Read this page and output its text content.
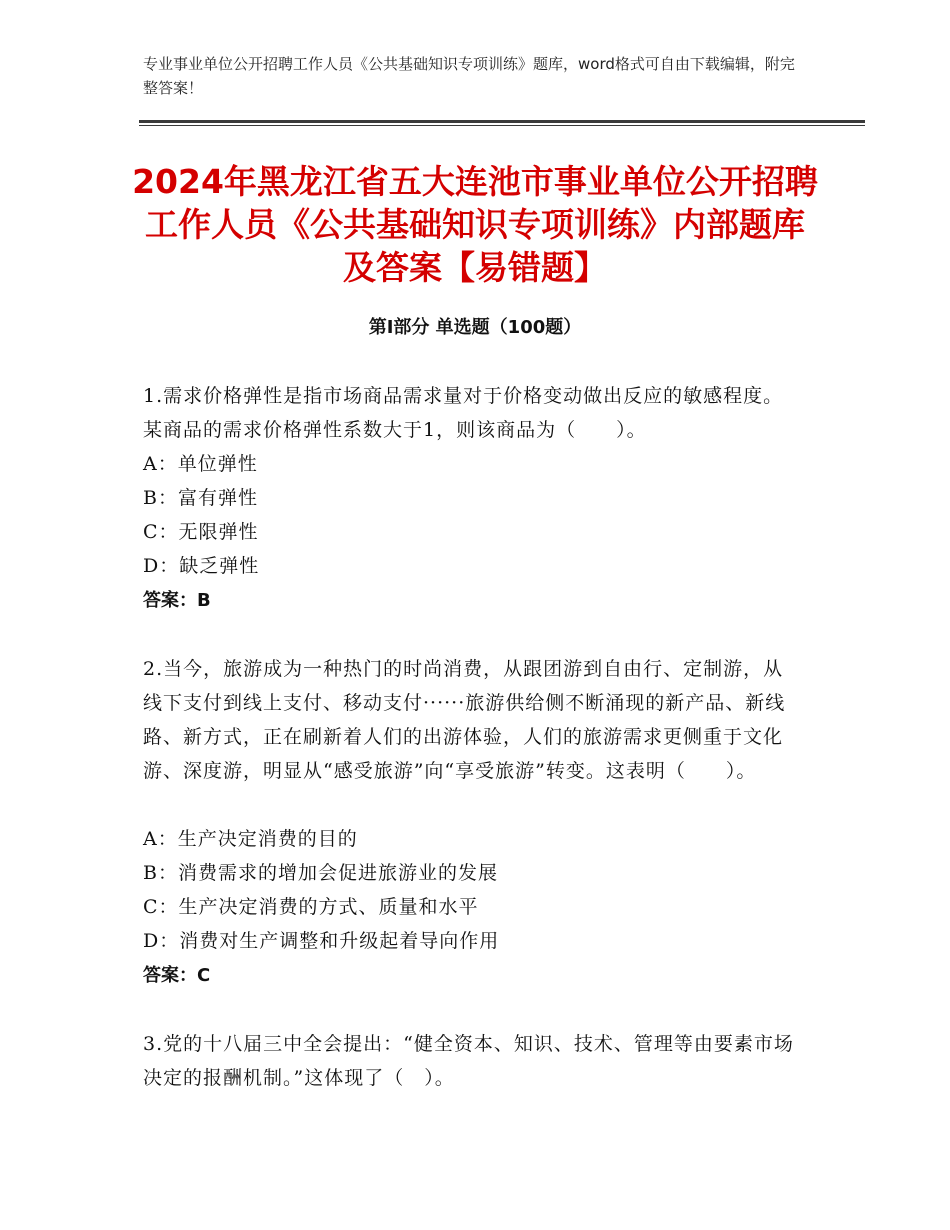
专业事业单位公开招聘工作人员《公共基础知识专项训练》题库，word格式可自由下载编辑，附完整答案！
2024年黑龙江省五大连池市事业单位公开招聘工作人员《公共基础知识专项训练》内部题库及答案【易错题】
第Ⅰ部分 单选题（100题）
1.需求价格弹性是指市场商品需求量对于价格变动做出反应的敏感程度。某商品的需求价格弹性系数大于1，则该商品为（　　）。
A：单位弹性
B：富有弹性
C：无限弹性
D：缺乏弹性
答案：B
2.当今，旅游成为一种热门的时尚消费，从跟团游到自由行、定制游，从线下支付到线上支付、移动支付······旅游供给侧不断涌现的新产品、新线路、新方式，正在刷新着人们的出游体验，人们的旅游需求更侧重于文化游、深度游，明显从“感受旅游”向“享受旅游”转变。这表明（　　）。
A：生产决定消费的目的
B：消费需求的增加会促进旅游业的发展
C：生产决定消费的方式、质量和水平
D：消费对生产调整和升级起着导向作用
答案：C
3.党的十八届三中全会提出：“健全资本、知识、技术、管理等由要素市场决定的报酬机制。”这体现了（　）。
